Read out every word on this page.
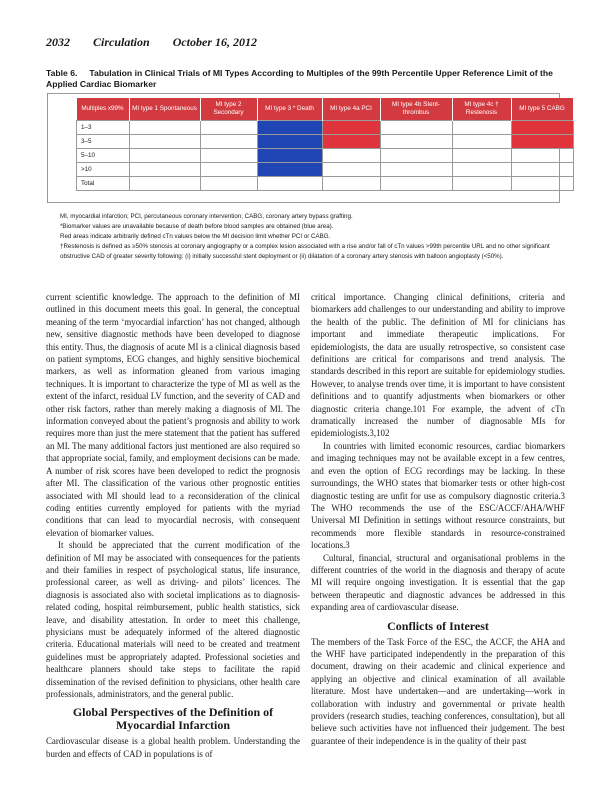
2032 Circulation October 16, 2012
Table 6. Tabulation in Clinical Trials of MI Types According to Multiples of the 99th Percentile Upper Reference Limit of the Applied Cardiac Biomarker
Multiples x99%	MI type 1 Spontaneous	MI type 2 Secondary	MI type 3 * Death	MI type 4a PCI	MI type 4b Stent-thrombus	MI type 4c † Restenosis	MI type 5 CABG
1–3							
3–5							
5–10							
>10							
Total							

MI, myocardial infarction; PCI, percutaneous coronary intervention; CABG, coronary artery bypass grafting.

*Biomarker values are unavailable because of death before blood samples are obtained (blue area).

Red areas indicate arbitrarily defined cTn values below the MI decision limit whether PCI or CABG.

†Restenosis is defined as ≥50% stenosis at coronary angiography or a complex lesion associated with a rise and/or fall of cTn values >99th percentile URL and no other significant obstructive CAD of greater severity following: (i) initially successful stent deployment or (ii) dilatation of a coronary artery stenosis with balloon angioplasty (<50%).

current scientific knowledge. The approach to the definition of MI outlined in this document meets this goal. In general, the conceptual meaning of the term ‘myocardial infarction’ has not changed, although new, sensitive diagnostic methods have been developed to diagnose this entity. Thus, the diagnosis of acute MI is a clinical diagnosis based on patient symptoms, ECG changes, and highly sensitive biochemical markers, as well as information gleaned from various imaging techniques. It is important to characterize the type of MI as well as the extent of the infarct, residual LV function, and the severity of CAD and other risk factors, rather than merely making a diagnosis of MI. The information conveyed about the patient’s prognosis and ability to work requires more than just the mere statement that the patient has suffered an MI. The many additional factors just mentioned are also required so that appropriate social, family, and employment decisions can be made. A number of risk scores have been developed to redict the prognosis after MI. The classification of the various other prognostic entities associated with MI should lead to a reconsideration of the clinical coding entities currently employed for patients with the myriad conditions that can lead to myocardial necrosis, with consequent elevation of biomarker values.

It should be appreciated that the current modification of the definition of MI may be associated with consequences for the patients and their families in respect of psychological status, life insurance, professional career, as well as driving- and pilots’ licences. The diagnosis is associated also with societal implications as to diagnosis-related coding, hospital reimbursement, public health statistics, sick leave, and disability attestation. In order to meet this challenge, physicians must be adequately informed of the altered diagnostic criteria. Educational materials will need to be created and treatment guidelines must be appropriately adapted. Professional societies and healthcare planners should take steps to facilitate the rapid dissemination of the revised definition to physicians, other health care professionals, administrators, and the general public.

Global Perspectives of the Definition of Myocardial Infarction

Cardiovascular disease is a global health problem. Understanding the burden and effects of CAD in populations is of

critical importance. Changing clinical definitions, criteria and biomarkers add challenges to our understanding and ability to improve the health of the public. The definition of MI for clinicians has important and immediate therapeutic implications. For epidemiologists, the data are usually retrospective, so consistent case definitions are critical for comparisons and trend analysis. The standards described in this report are suitable for epidemiology studies. However, to analyse trends over time, it is important to have consistent definitions and to quantify adjustments when biomarkers or other diagnostic criteria change.101 For example, the advent of cTn dramatically increased the number of diagnosable MIs for epidemiologists.3,102

In countries with limited economic resources, cardiac biomarkers and imaging techniques may not be available except in a few centres, and even the option of ECG recordings may be lacking. In these surroundings, the WHO states that biomarker tests or other high-cost diagnostic testing are unfit for use as compulsory diagnostic criteria.3 The WHO recommends the use of the ESC/ACCF/AHA/WHF Universal MI Definition in settings without resource constraints, but recommends more flexible standards in resource-constrained locations.3

Cultural, financial, structural and organisational problems in the different countries of the world in the diagnosis and therapy of acute MI will require ongoing investigation. It is essential that the gap between therapeutic and diagnostic advances be addressed in this expanding area of cardiovascular disease.

Conflicts of Interest

The members of the Task Force of the ESC, the ACCF, the AHA and the WHF have participated independently in the preparation of this document, drawing on their academic and clinical experience and applying an objective and clinical examination of all available literature. Most have undertaken—and are undertaking—work in collaboration with industry and governmental or private health providers (research studies, teaching conferences, consultation), but all believe such activities have not influenced their judgement. The best guarantee of their independence is in the quality of their past
